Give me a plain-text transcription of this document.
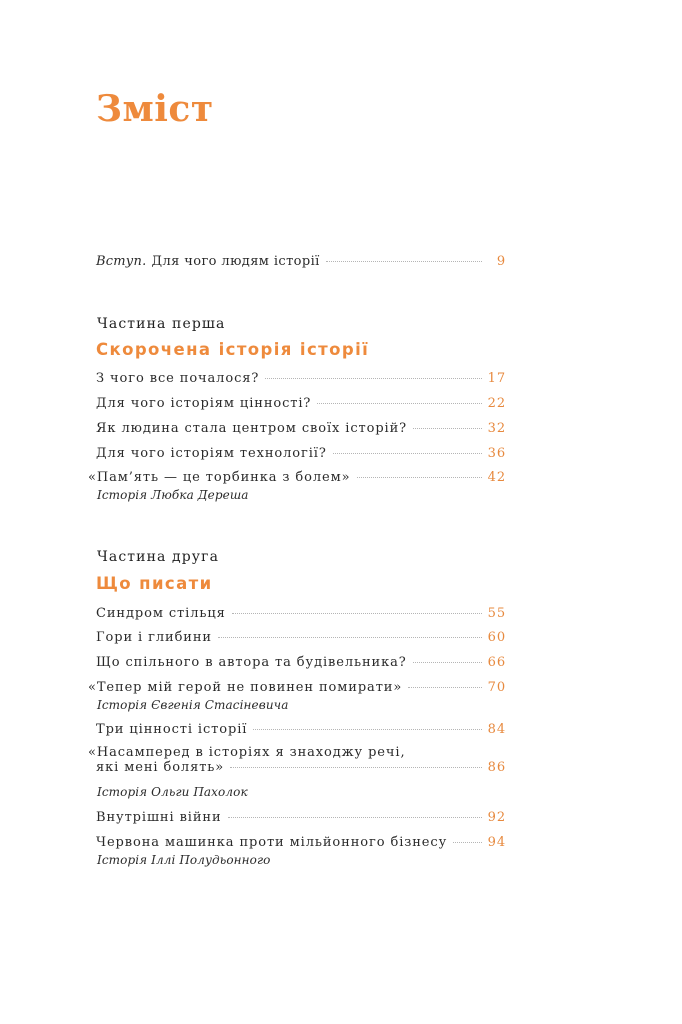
Зміст
Вступ. Для чого людям історії	9
Частина перша
Скорочена історія історії
З чого все почалося?	17
Для чого історіям цінності?	22
Як людина стала центром своїх історій?	32
Для чого історіям технології?	36
«Пам’ять — це торбинка з болем»	42
Історія Любка Дереша
Частина друга
Що писати
Синдром стільця	55
Гори і глибини	60
Що спільного в автора та будівельника?	66
«Тепер мій герой не повинен помирати»	70
Історія Євгенія Стасіневича
Три цінності історії	84
«Насамперед в історіях я знаходжу речі,
які мені болять»	86
Історія Ольги Пахолок
Внутрішні війни	92
Червона машинка проти мільйонного бізнесу	94
Історія Іллі Полудьонного
